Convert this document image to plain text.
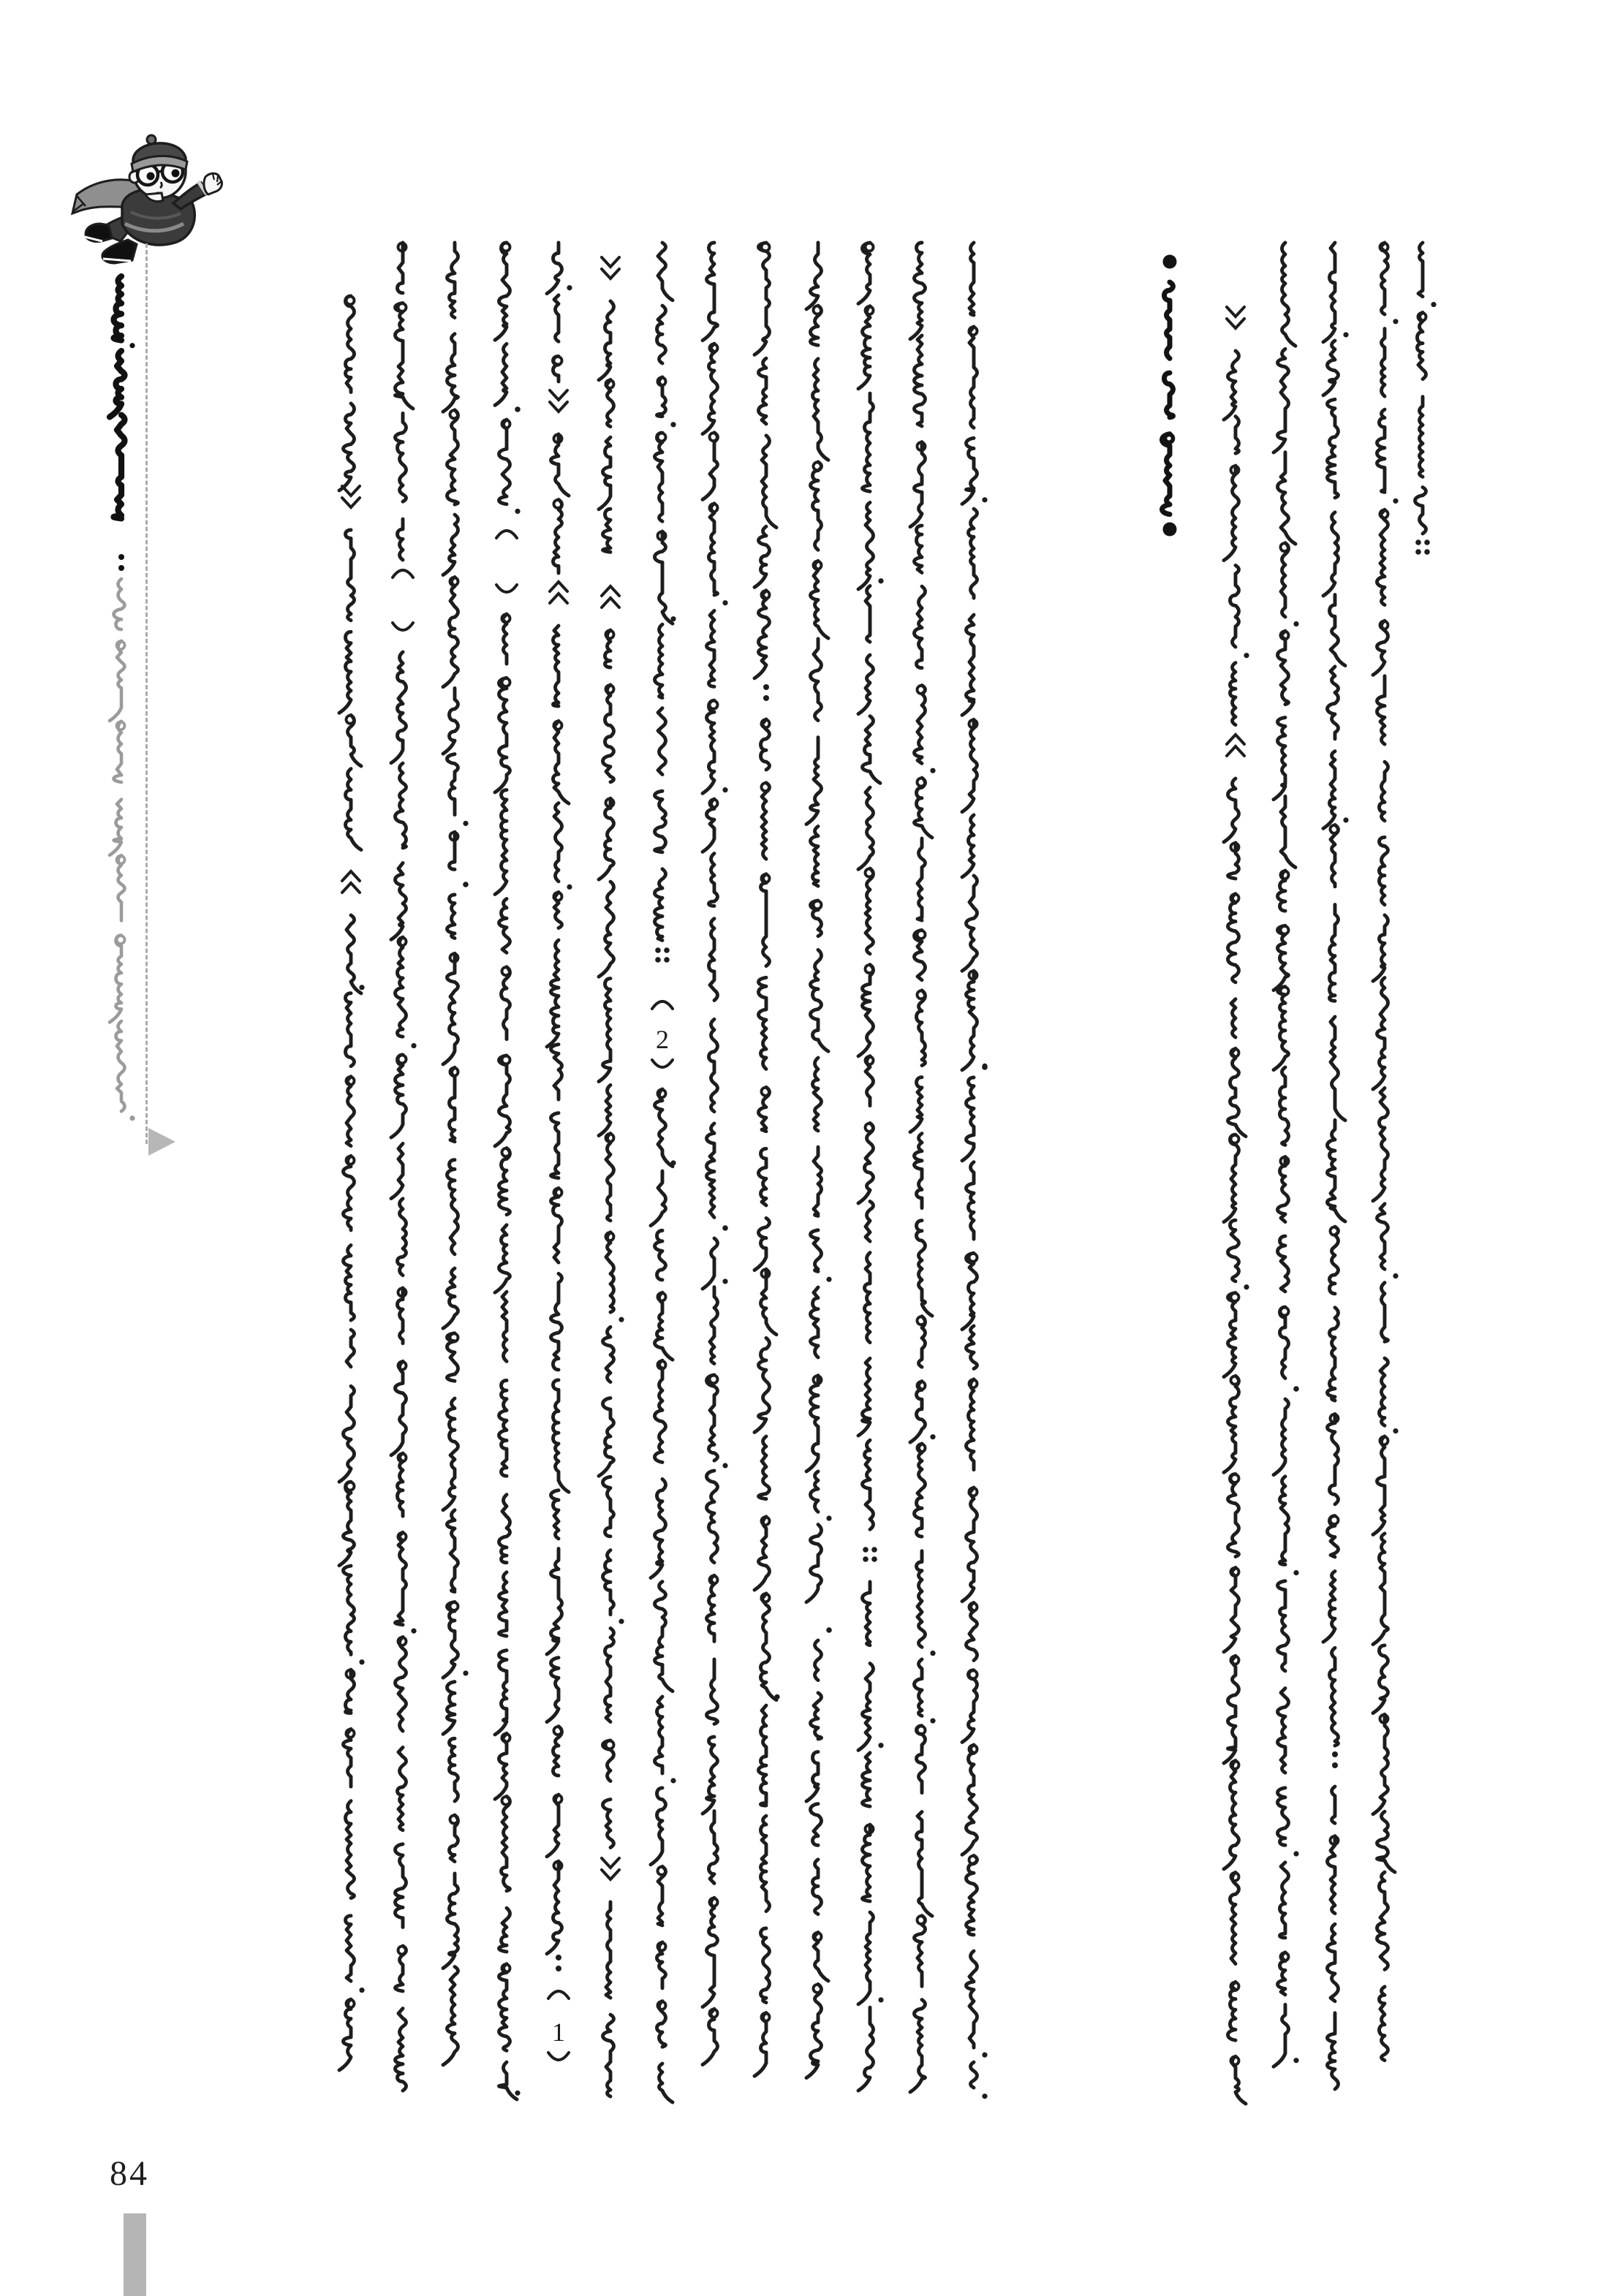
1
2
84
